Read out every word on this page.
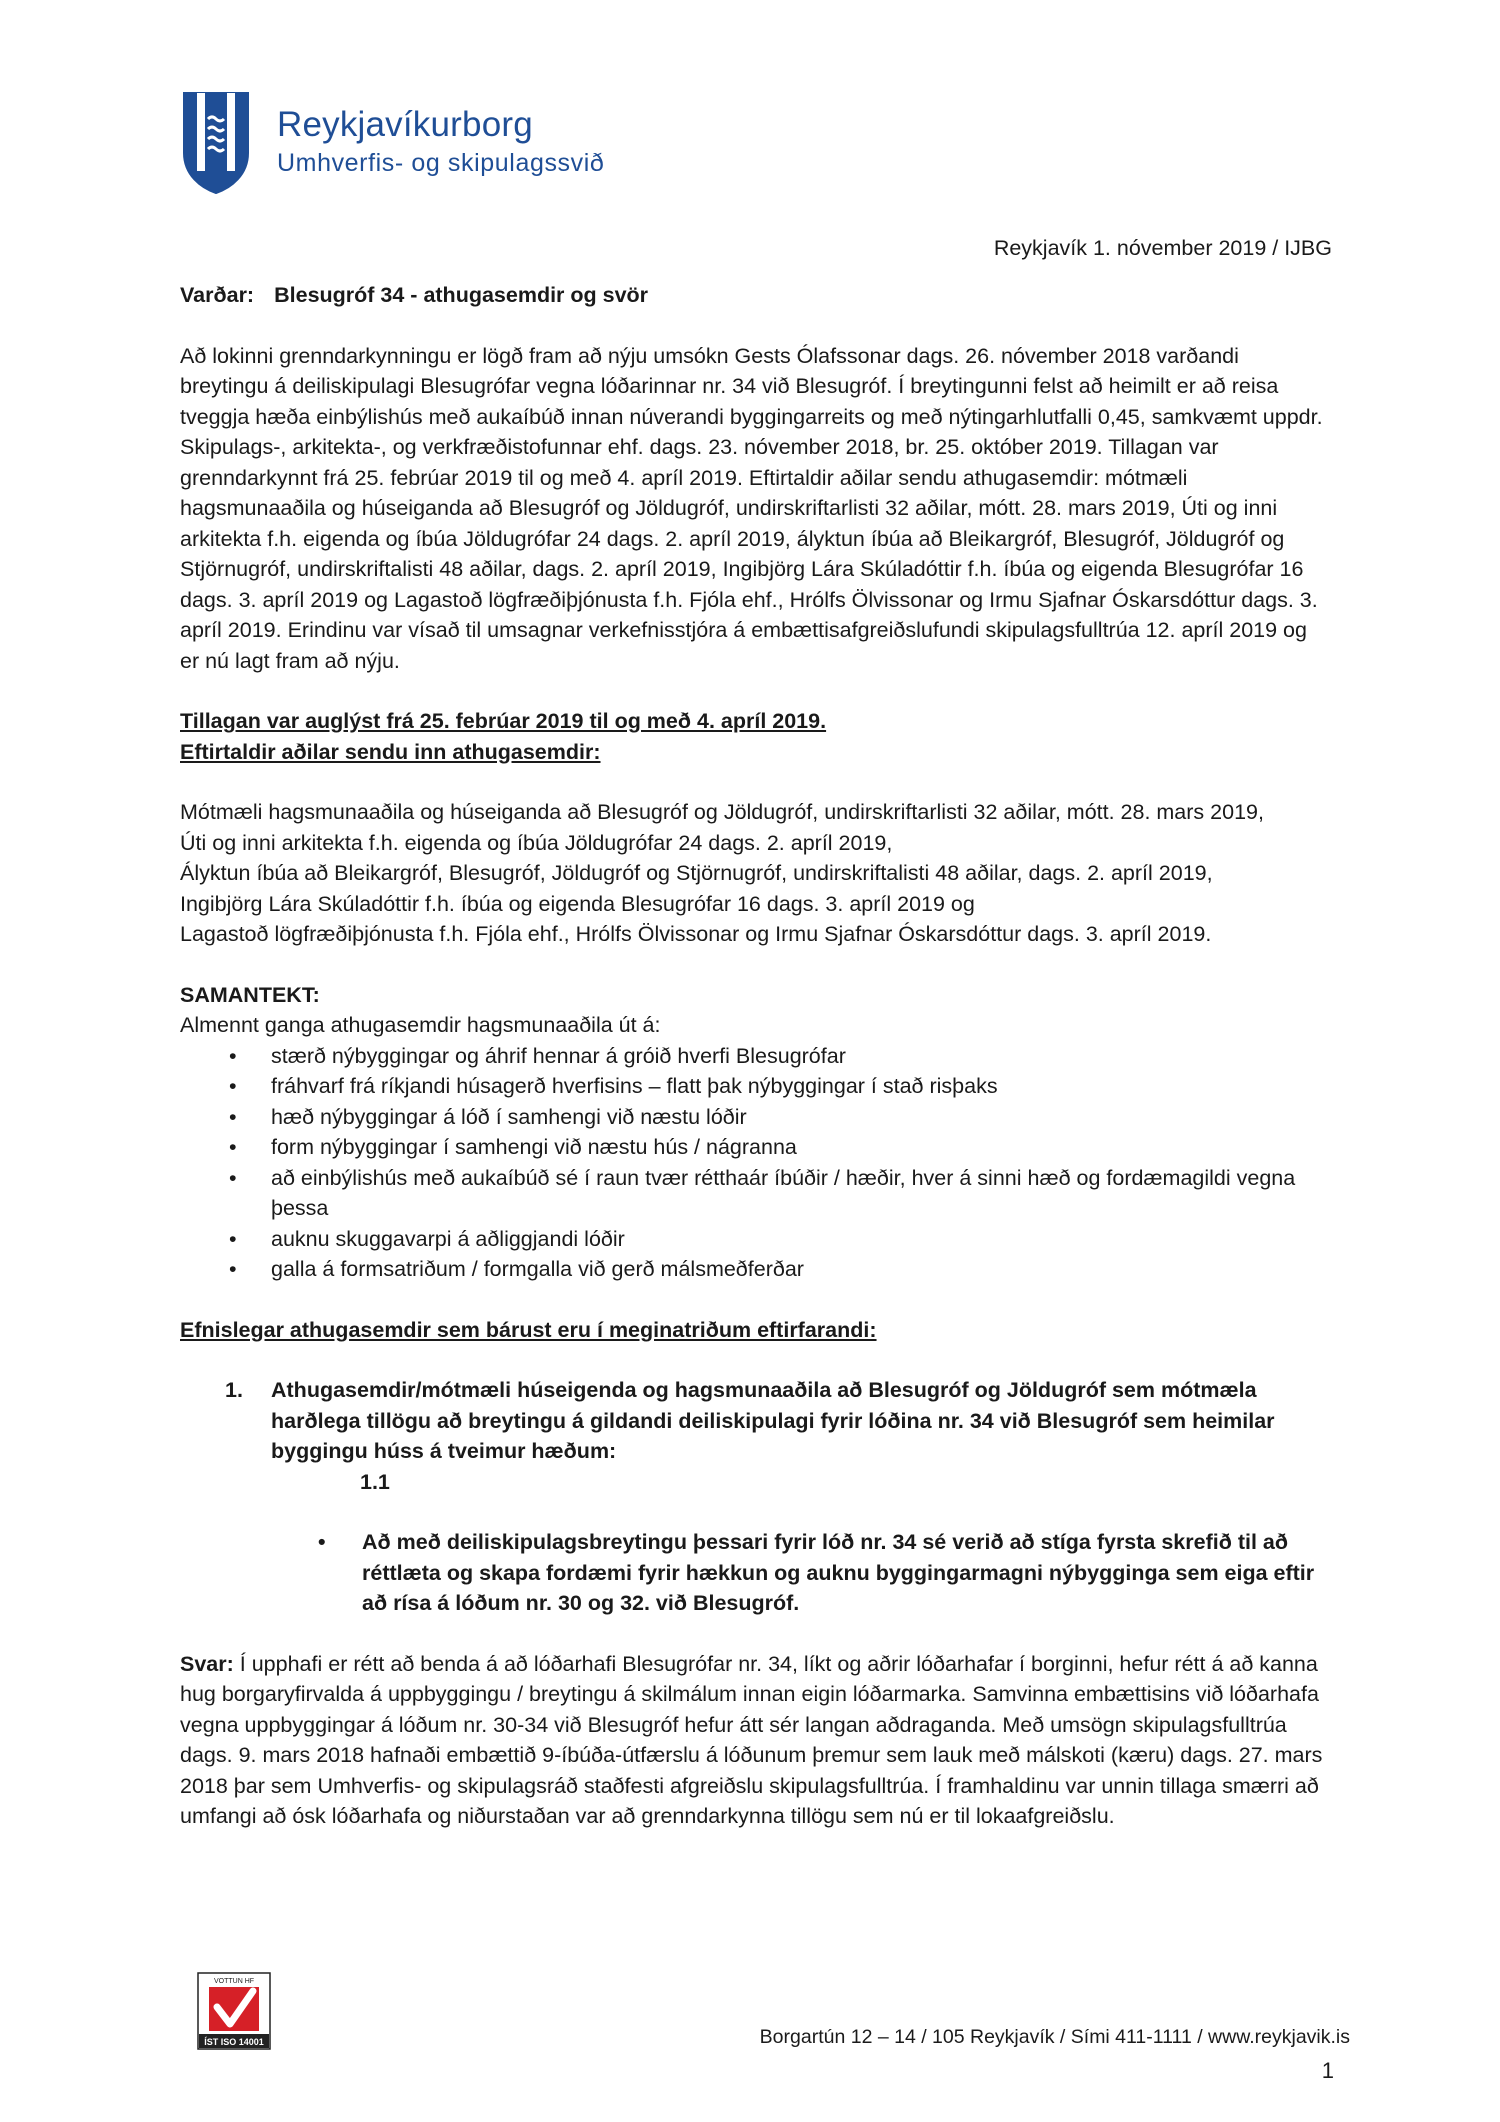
Reykjavíkurborg
Umhverfis- og skipulagssvið
Reykjavík 1. nóvember 2019 / IJBG

Varðar: Blesugróf 34 - athugasemdir og svör

Að lokinni grenndarkynningu er lögð fram að nýju umsókn Gests Ólafssonar dags. 26. nóvember 2018 varðandi breytingu á deiliskipulagi Blesugrófar vegna lóðarinnar nr. 34 við Blesugróf. Í breytingunni felst að heimilt er að reisa tveggja hæða einbýlishús með aukaíbúð innan núverandi byggingarreits og með nýtingarhlutfalli 0,45, samkvæmt uppdr. Skipulags-, arkitekta-, og verkfræðistofunnar ehf. dags. 23. nóvember 2018, br. 25. október 2019. Tillagan var grenndarkynnt frá 25. febrúar 2019 til og með 4. apríl 2019. Eftirtaldir aðilar sendu athugasemdir: mótmæli hagsmunaaðila og húseiganda að Blesugróf og Jöldugróf, undirskriftarlisti 32 aðilar, mótt. 28. mars 2019, Úti og inni arkitekta f.h. eigenda og íbúa Jöldugrófar 24 dags. 2. apríl 2019, ályktun íbúa að Bleikargróf, Blesugróf, Jöldugróf og Stjörnugróf, undirskriftalisti 48 aðilar, dags. 2. apríl 2019, Ingibjörg Lára Skúladóttir f.h. íbúa og eigenda Blesugrófar 16 dags. 3. apríl 2019 og Lagastoð lögfræðiþjónusta f.h. Fjóla ehf., Hrólfs Ölvissonar og Irmu Sjafnar Óskarsdóttur dags. 3. apríl 2019. Erindinu var vísað til umsagnar verkefnisstjóra á embættisafgreiðslufundi skipulagsfulltrúa 12. apríl 2019 og er nú lagt fram að nýju.

Tillagan var auglýst frá 25. febrúar 2019 til og með 4. apríl 2019.

Eftirtaldir aðilar sendu inn athugasemdir:

Mótmæli hagsmunaaðila og húseiganda að Blesugróf og Jöldugróf, undirskriftarlisti 32 aðilar, mótt. 28. mars 2019,

Úti og inni arkitekta f.h. eigenda og íbúa Jöldugrófar 24 dags. 2. apríl 2019,

Ályktun íbúa að Bleikargróf, Blesugróf, Jöldugróf og Stjörnugróf, undirskriftalisti 48 aðilar, dags. 2. apríl 2019,

Ingibjörg Lára Skúladóttir f.h. íbúa og eigenda Blesugrófar 16 dags. 3. apríl 2019 og

Lagastoð lögfræðiþjónusta f.h. Fjóla ehf., Hrólfs Ölvissonar og Irmu Sjafnar Óskarsdóttur dags. 3. apríl 2019.

SAMANTEKT:

Almennt ganga athugasemdir hagsmunaaðila út á:

• stærð nýbyggingar og áhrif hennar á gróið hverfi Blesugrófar
• fráhvarf frá ríkjandi húsagerð hverfisins – flatt þak nýbyggingar í stað risþaks
• hæð nýbyggingar á lóð í samhengi við næstu lóðir
• form nýbyggingar í samhengi við næstu hús / nágranna
• að einbýlishús með aukaíbúð sé í raun tvær rétthaár íbúðir / hæðir, hver á sinni hæð og fordæmagildi vegna þessa
• auknu skuggavarpi á aðliggjandi lóðir
• galla á formsatriðum / formgalla við gerð málsmeðferðar

Efnislegar athugasemdir sem bárust eru í meginatriðum eftirfarandi:

1. Athugasemdir/mótmæli húseigenda og hagsmunaaðila að Blesugróf og Jöldugróf sem mótmæla harðlega tillögu að breytingu á gildandi deiliskipulagi fyrir lóðina nr. 34 við Blesugróf sem heimilar byggingu húss á tveimur hæðum:

1.1

• Að með deiliskipulagsbreytingu þessari fyrir lóð nr. 34 sé verið að stíga fyrsta skrefið til að réttlæta og skapa fordæmi fyrir hækkun og auknu byggingarmagni nýbygginga sem eiga eftir að rísa á lóðum nr. 30 og 32. við Blesugróf.

Svar: Í upphafi er rétt að benda á að lóðarhafi Blesugrófar nr. 34, líkt og aðrir lóðarhafar í borginni, hefur rétt á að kanna hug borgaryfirvalda á uppbyggingu / breytingu á skilmálum innan eigin lóðarmarka. Samvinna embættisins við lóðarhafa vegna uppbyggingar á lóðum nr. 30-34 við Blesugróf hefur átt sér langan aðdraganda. Með umsögn skipulagsfulltrúa dags. 9. mars 2018 hafnaði embættið 9-íbúða-útfærslu á lóðunum þremur sem lauk með málskoti (kæru) dags. 27. mars 2018 þar sem Umhverfis- og skipulagsráð staðfesti afgreiðslu skipulagsfulltrúa. Í framhaldinu var unnin tillaga smærri að umfangi að ósk lóðarhafa og niðurstaðan var að grenndarkynna tillögu sem nú er til lokaafgreiðslu.

VOTTUN HF
ÍST ISO 14001	Borgartún 12 – 14 / 105 Reykjavík / Sími 411-1111 / www.reykjavik.is
1
